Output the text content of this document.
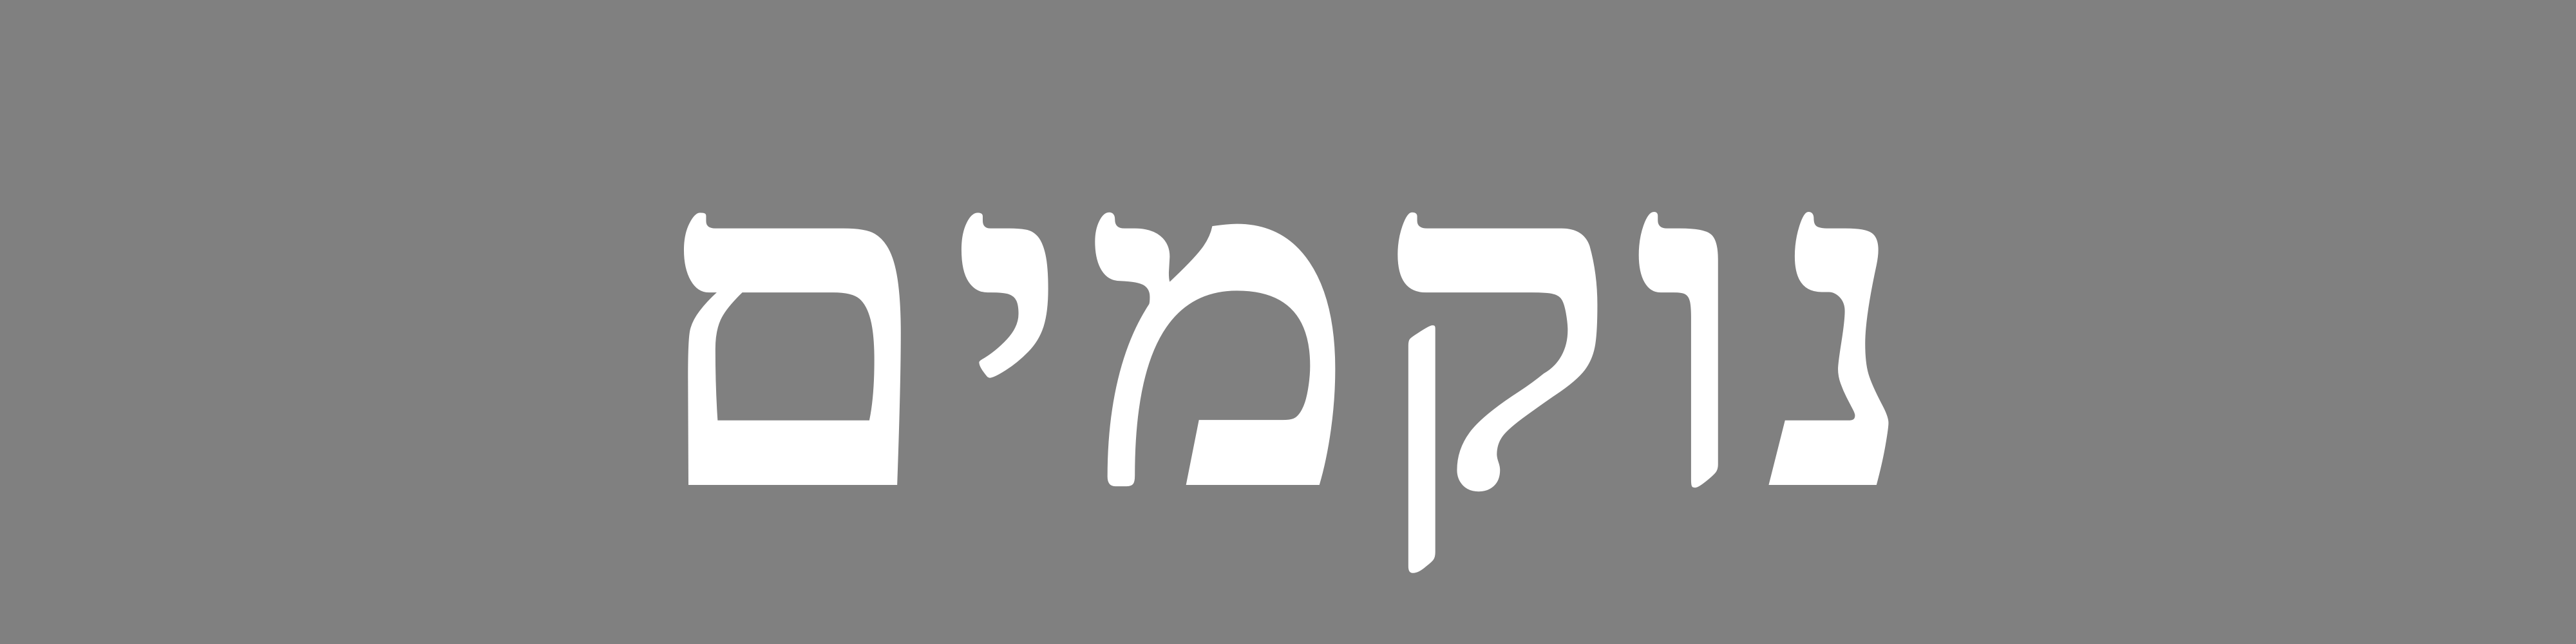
נוקמים
